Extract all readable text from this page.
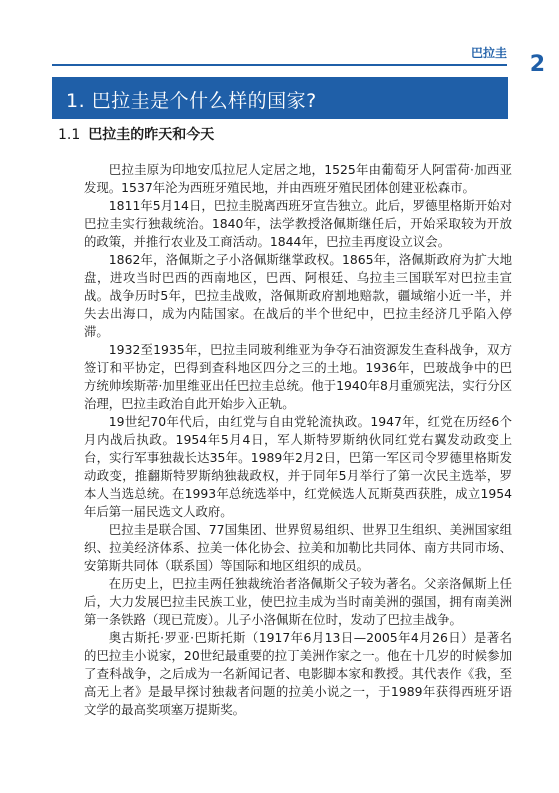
巴拉圭 2
1. 巴拉圭是个什么样的国家?
1.1 巴拉圭的昨天和今天

巴拉圭原为印地安瓜拉尼人定居之地，1525年由葡萄牙人阿雷荷·加西亚发现。1537年沦为西班牙殖民地，并由西班牙殖民团体创建亚松森市。

1811年5月14日，巴拉圭脱离西班牙宣告独立。此后，罗德里格斯开始对巴拉圭实行独裁统治。1840年，法学教授洛佩斯继任后，开始采取较为开放的政策，并推行农业及工商活动。1844年，巴拉圭再度设立议会。

1862年，洛佩斯之子小洛佩斯继掌政权。1865年，洛佩斯政府为扩大地盘，进攻当时巴西的西南地区，巴西、阿根廷、乌拉圭三国联军对巴拉圭宣战。战争历时5年，巴拉圭战败，洛佩斯政府割地赔款，疆域缩小近一半，并失去出海口，成为内陆国家。在战后的半个世纪中，巴拉圭经济几乎陷入停滞。

1932至1935年，巴拉圭同玻利维亚为争夺石油资源发生查科战争，双方签订和平协定，巴得到查科地区四分之三的土地。1936年，巴玻战争中的巴方统帅埃斯蒂·加里维亚出任巴拉圭总统。他于1940年8月重颁宪法，实行分区治理，巴拉圭政治自此开始步入正轨。

19世纪70年代后，由红党与自由党轮流执政。1947年，红党在历经6个月内战后执政。1954年5月4日，军人斯特罗斯纳伙同红党右翼发动政变上台，实行军事独裁长达35年。1989年2月2日，巴第一军区司令罗德里格斯发动政变，推翻斯特罗斯纳独裁政权，并于同年5月举行了第一次民主选举，罗本人当选总统。在1993年总统选举中，红党候选人瓦斯莫西获胜，成立1954年后第一届民选文人政府。

巴拉圭是联合国、77国集团、世界贸易组织、世界卫生组织、美洲国家组织、拉美经济体系、拉美一体化协会、拉美和加勒比共同体、南方共同市场、安第斯共同体（联系国）等国际和地区组织的成员。

在历史上，巴拉圭两任独裁统治者洛佩斯父子较为著名。父亲洛佩斯上任后，大力发展巴拉圭民族工业，使巴拉圭成为当时南美洲的强国，拥有南美洲第一条铁路（现已荒废）。儿子小洛佩斯在位时，发动了巴拉圭战争。

奥古斯托·罗亚·巴斯托斯（1917年6月13日—2005年4月26日）是著名的巴拉圭小说家，20世纪最重要的拉丁美洲作家之一。他在十几岁的时候参加了查科战争，之后成为一名新闻记者、电影脚本家和教授。其代表作《我，至高无上者》是最早探讨独裁者问题的拉美小说之一，于1989年获得西班牙语文学的最高奖项塞万提斯奖。
